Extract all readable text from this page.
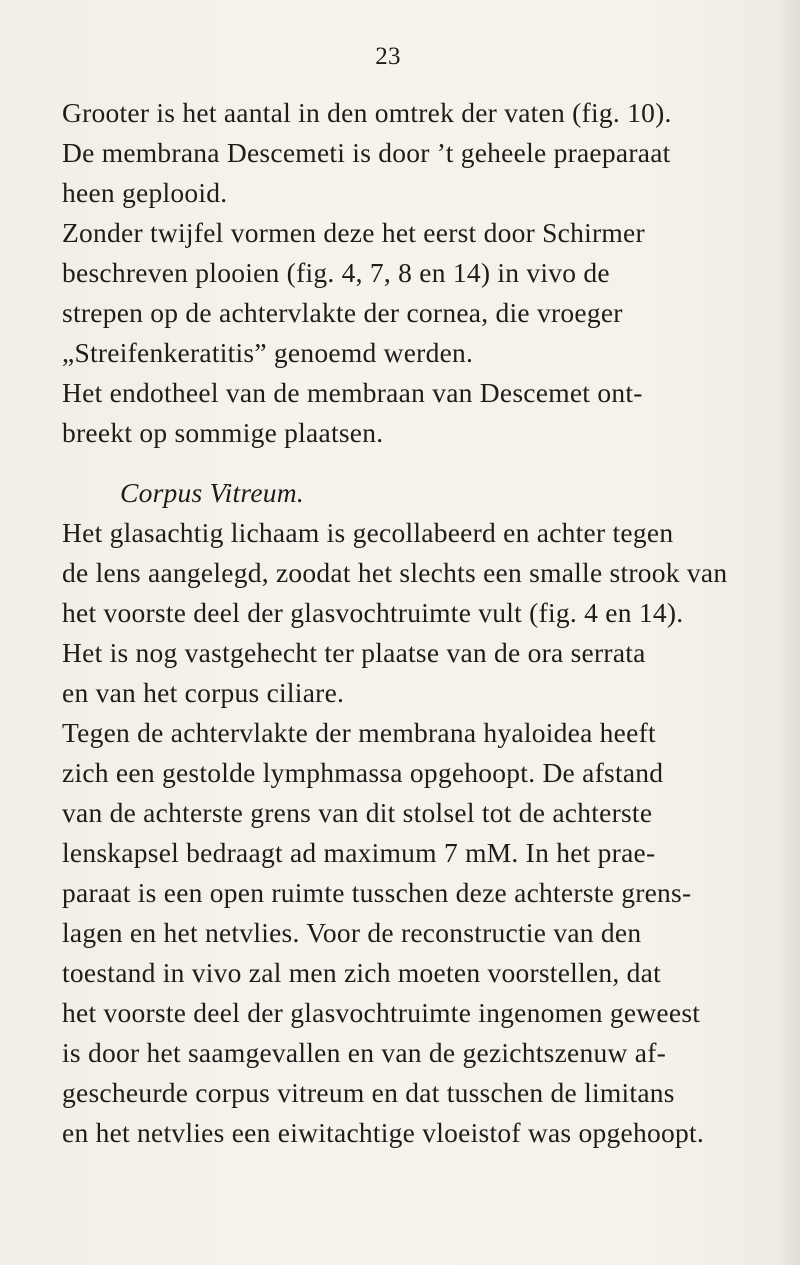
23
Grooter is het aantal in den omtrek der vaten (fig. 10).
De membrana Descemeti is door ’t geheele praeparaat
heen geplooid.
Zonder twijfel vormen deze het eerst door Schirmer
beschreven plooien (fig. 4, 7, 8 en 14) in vivo de
strepen op de achtervlakte der cornea, die vroeger
„Streifenkeratitis” genoemd werden.
Het endotheel van de membraan van Descemet ont-
breekt op sommige plaatsen.
Corpus Vitreum.
Het glasachtig lichaam is gecollabeerd en achter tegen
de lens aangelegd, zoodat het slechts een smalle strook van
het voorste deel der glasvochtruimte vult (fig. 4 en 14).
Het is nog vastgehecht ter plaatse van de ora serrata
en van het corpus ciliare.
Tegen de achtervlakte der membrana hyaloidea heeft
zich een gestolde lymphmassa opgehoopt. De afstand
van de achterste grens van dit stolsel tot de achterste
lenskapsel bedraagt ad maximum 7 mM. In het prae-
paraat is een open ruimte tusschen deze achterste grens-
lagen en het netvlies. Voor de reconstructie van den
toestand in vivo zal men zich moeten voorstellen, dat
het voorste deel der glasvochtruimte ingenomen geweest
is door het saamgevallen en van de gezichtszenuw af-
gescheurde corpus vitreum en dat tusschen de limitans
en het netvlies een eiwitachtige vloeistof was opgehoopt.
